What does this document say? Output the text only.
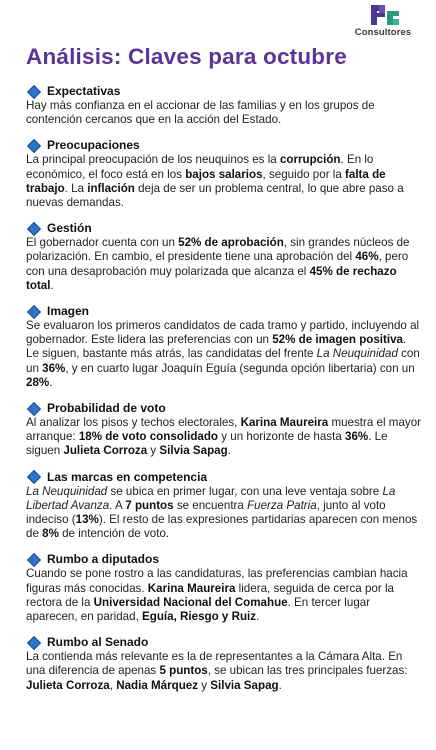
Consultores
Análisis: Claves para octubre
Expectativas
Hay más confianza en el accionar de las familias y en los grupos de contención cercanos que en la acción del Estado.
Preocupaciones
La principal preocupación de los neuquinos es la corrupción. En lo económico, el foco está en los bajos salarios, seguido por la falta de trabajo. La inflación deja de ser un problema central, lo que abre paso a nuevas demandas.
Gestión
El gobernador cuenta con un 52% de aprobación, sin grandes núcleos de polarización. En cambio, el presidente tiene una aprobación del 46%, pero con una desaprobación muy polarizada que alcanza el 45% de rechazo total.
Imagen
Se evaluaron los primeros candidatos de cada tramo y partido, incluyendo al gobernador. Este lidera las preferencias con un 52% de imagen positiva. Le siguen, bastante más atrás, las candidatas del frente La Neuquinidad con un 36%, y en cuarto lugar Joaquín Eguía (segunda opción libertaria) con un 28%.
Probabilidad de voto
Al analizar los pisos y techos electorales, Karina Maureira muestra el mayor arranque: 18% de voto consolidado y un horizonte de hasta 36%. Le siguen Julieta Corroza y Silvia Sapag.
Las marcas en competencia
La Neuquinidad se ubica en primer lugar, con una leve ventaja sobre La Libertad Avanza. A 7 puntos se encuentra Fuerza Patria, junto al voto indeciso (13%). El resto de las expresiones partidarias aparecen con menos de 8% de intención de voto.
Rumbo a diputados
Cuando se pone rostro a las candidaturas, las preferencias cambian hacia figuras más conocidas. Karina Maureira lidera, seguida de cerca por la rectora de la Universidad Nacional del Comahue. En tercer lugar aparecen, en paridad, Eguía, Riesgo y Ruiz.
Rumbo al Senado
La contienda más relevante es la de representantes a la Cámara Alta. En una diferencia de apenas 5 puntos, se ubican las tres principales fuerzas: Julieta Corroza, Nadia Márquez y Silvia Sapag.
